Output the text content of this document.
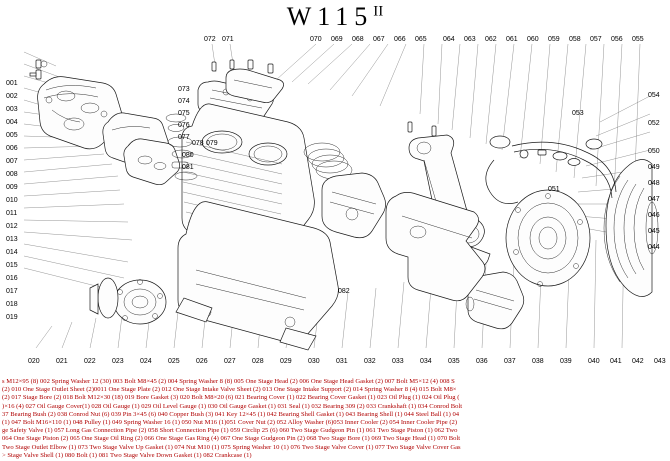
$W115^{II}$
072 071	070 069 068 067 066 065 064 063 062 061 060 059 058 057 056 055
001
002
003
004
005
006
007
008
009
010
011
012
013
014
015
016
017
018
019
054
053
052
051
050
049
048
047
046
045
044
073
074
075
076
077
078 079
080
081
082
020 021 022 023 024 025 026 027 028 029 030 031 032 033 034 035 036 037 038 039 040 041 042 043
s M12×95 (8) 002 Spring Washer 12 (30) 003 Bolt M8×45 (2) 004 Spring Washer 8 (8) 005 One Stage Head (2) 006 One Stage Head Gasket (2) 007 Bolt M5×12 (4) 008 S
(2) 010 One Stage Outlet Sheet (2)0011 One Stage Plate (2) 012 One Stage Intake Valve Sheet (2) 013 One Stage Intake Support (2) 014 Spring Washer 8 (4) 015 Bolt M8×
(2) 017 Stage Bore (2) 018 Bolt M12×30 (18) 019 Bore Gasket (3) 020 Bolt M8×20 (6) 021 Bearing Cover (1) 022 Bearing Cover Gasket (1) 023 Oil Plug (1) 024 Oil Plug (
)×16 (4) 027 Oil Gauge Cover(1) 028 Oil Gauge (1) 029 Oil Level Gauge (1) 030 Oil Gauge Gasket (1) 031 Seal (1) 032 Bearing 309 (2) 033 Crankshaft (1) 034 Conrod Bolt
37 Bearing Bush (2) 038 Conrod Nut (6) 039 Pin 3×45 (6) 040 Copper Bush (3) 041 Key 12×45 (1) 042 Bearing Shell Gasket (1) 043 Bearing Shell (1) 044 Steel Ball (1) 04
(1) 047 Bolt M16×110 (1) 048 Pulley (1) 049 Spring Washer 16 (1) 050 Nut M16 (1)051 Cover Nut (2) 052 Alloy Washer (6)053 Inner Cooler (2) 054 Inner Cooler Pipe (2)
ge Safety Valve (1) 057 Long Gas Connection Pipe (2) 058 Short Connection Pipe (1) 059 Circlip 25 (6) 060 Two Stage Gudgeon Pin (1) 061 Two Stage Piston (1) 062 Two
064 One Stage Piston (2) 065 One Stage Oil Ring (2) 066 One Stage Gas Ring (4) 067 One Stage Gudgeon Pin (2) 068 Two Stage Bore (1) 069 Two Stage Head (1) 070 Bolt
Two Stage Outlet Elbow (1) 073 Two Stage Valve Up Gasket (1) 074 Nut M10 (1) 075 Spring Washer 10 (1) 076 Two Stage Valve Cover (1) 077 Two Stage Valve Cover Gas
> Stage Valve Shell (1) 080 Bolt (1) 081 Two Stage Valve Down Gasket (1) 082 Crankcase (1)
